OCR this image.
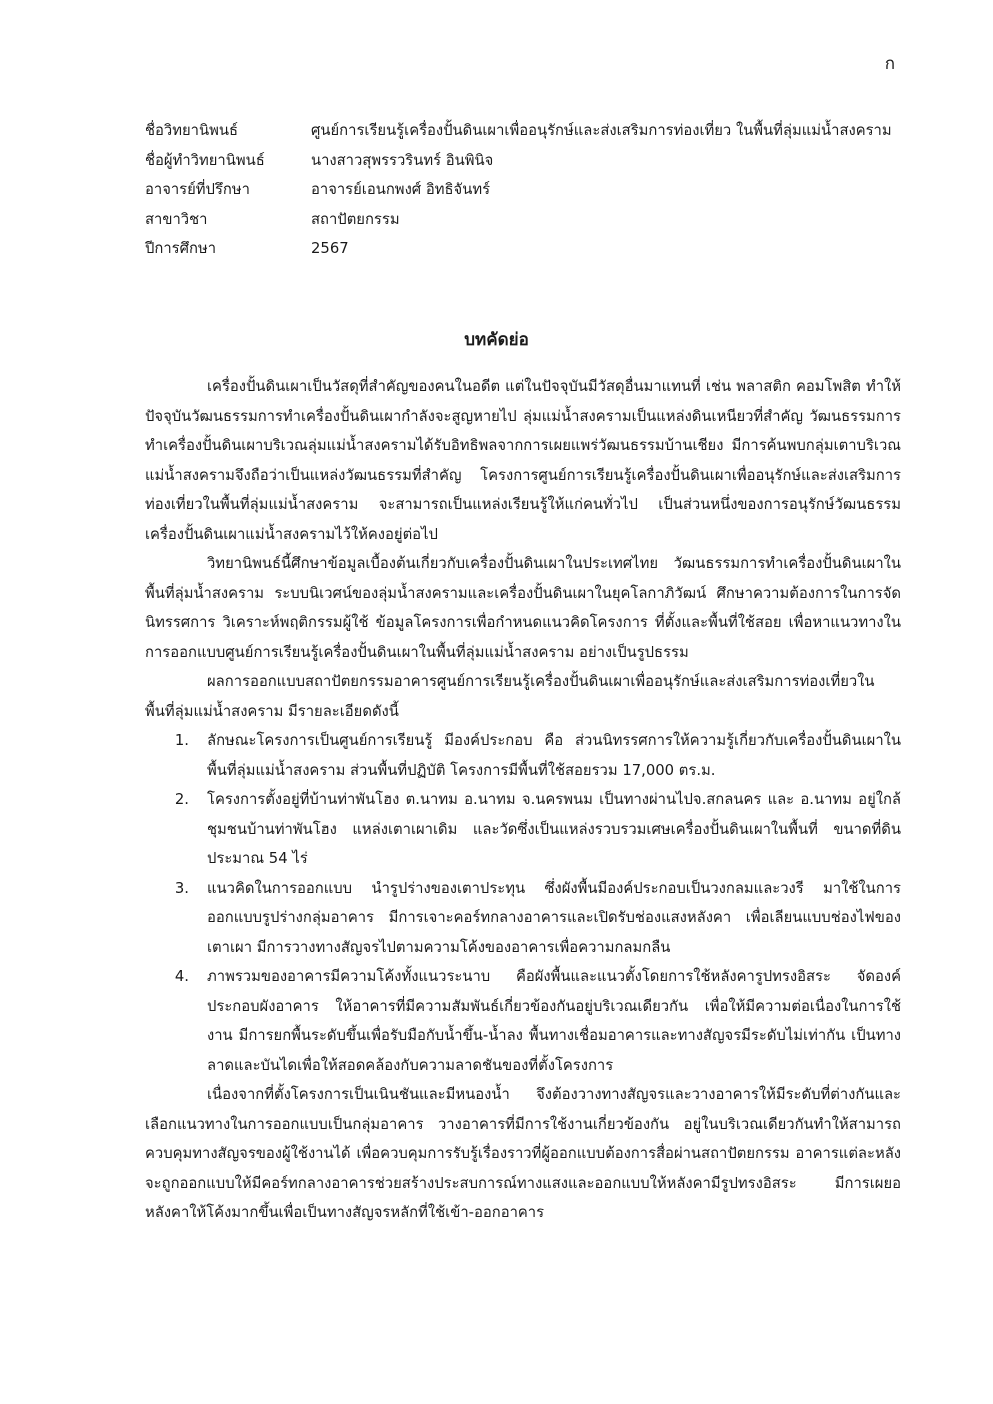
ก
ชื่อวิทยานิพนธ์	ศูนย์การเรียนรู้เครื่องปั้นดินเผาเพื่ออนุรักษ์และส่งเสริมการท่องเที่ยว ในพื้นที่ลุ่มแม่น้ำสงคราม
ชื่อผู้ทำวิทยานิพนธ์	นางสาวสุพรรวรินทร์ อินพินิจ
อาจารย์ที่ปรึกษา	อาจารย์เอนกพงศ์ อิทธิจันทร์
สาขาวิชา	สถาปัตยกรรม
ปีการศึกษา	2567
บทคัดย่อ

เครื่องปั้นดินเผาเป็นวัสดุที่สำคัญของคนในอดีต แต่ในปัจจุบันมีวัสดุอื่นมาแทนที่ เช่น พลาสติก คอมโพสิต ทำให้ปัจจุบันวัฒนธรรมการทำเครื่องปั้นดินเผากำลังจะสูญหายไป ลุ่มแม่น้ำสงครามเป็นแหล่งดินเหนียวที่สำคัญ วัฒนธรรมการทำเครื่องปั้นดินเผาบริเวณลุ่มแม่น้ำสงครามได้รับอิทธิพลจากการเผยแพร่วัฒนธรรมบ้านเชียง มีการค้นพบกลุ่มเตาบริเวณแม่น้ำสงครามจึงถือว่าเป็นแหล่งวัฒนธรรมที่สำคัญ โครงการศูนย์การเรียนรู้เครื่องปั้นดินเผาเพื่ออนุรักษ์และส่งเสริมการท่องเที่ยวในพื้นที่ลุ่มแม่น้ำสงคราม จะสามารถเป็นแหล่งเรียนรู้ให้แก่คนทั่วไป เป็นส่วนหนึ่งของการอนุรักษ์วัฒนธรรมเครื่องปั้นดินเผาแม่น้ำสงครามไว้ให้คงอยู่ต่อไป

วิทยานิพนธ์นี้ศึกษาข้อมูลเบื้องต้นเกี่ยวกับเครื่องปั้นดินเผาในประเทศไทย วัฒนธรรมการทำเครื่องปั้นดินเผาในพื้นที่ลุ่มน้ำสงคราม ระบบนิเวศน์ของลุ่มน้ำสงครามและเครื่องปั้นดินเผาในยุคโลกาภิวัฒน์ ศึกษาความต้องการในการจัดนิทรรศการ วิเคราะห์พฤติกรรมผู้ใช้ ข้อมูลโครงการเพื่อกำหนดแนวคิดโครงการ ที่ตั้งและพื้นที่ใช้สอย เพื่อหาแนวทางในการออกแบบศูนย์การเรียนรู้เครื่องปั้นดินเผาในพื้นที่ลุ่มแม่น้ำสงคราม อย่างเป็นรูปธรรม

ผลการออกแบบสถาปัตยกรรมอาคารศูนย์การเรียนรู้เครื่องปั้นดินเผาเพื่ออนุรักษ์และส่งเสริมการท่องเที่ยวในพื้นที่ลุ่มแม่น้ำสงคราม มีรายละเอียดดังนี้

1.	ลักษณะโครงการเป็นศูนย์การเรียนรู้ มีองค์ประกอบ คือ ส่วนนิทรรศการให้ความรู้เกี่ยวกับเครื่องปั้นดินเผาในพื้นที่ลุ่มแม่น้ำสงคราม ส่วนพื้นที่ปฏิบัติ โครงการมีพื้นที่ใช้สอยรวม 17,000 ตร.ม.
2.	โครงการตั้งอยู่ที่บ้านท่าพันโฮง ต.นาทม อ.นาทม จ.นครพนม เป็นทางผ่านไปจ.สกลนคร และ อ.นาทม อยู่ใกล้ชุมชนบ้านท่าพันโฮง แหล่งเตาเผาเดิม และวัดซึ่งเป็นแหล่งรวบรวมเศษเครื่องปั้นดินเผาในพื้นที่ ขนาดที่ดินประมาณ 54 ไร่
3.	แนวคิดในการออกแบบ นำรูปร่างของเตาประทุน ซึ่งผังพื้นมีองค์ประกอบเป็นวงกลมและวงรี มาใช้ในการออกแบบรูปร่างกลุ่มอาคาร มีการเจาะคอร์ทกลางอาคารและเปิดรับช่องแสงหลังคา เพื่อเลียนแบบช่องไฟของเตาเผา มีการวางทางสัญจรไปตามความโค้งของอาคารเพื่อความกลมกลืน
4.	ภาพรวมของอาคารมีความโค้งทั้งแนวระนาบ คือผังพื้นและแนวตั้งโดยการใช้หลังคารูปทรงอิสระ จัดองค์ประกอบผังอาคาร ให้อาคารที่มีความสัมพันธ์เกี่ยวข้องกันอยู่บริเวณเดียวกัน เพื่อให้มีความต่อเนื่องในการใช้งาน มีการยกพื้นระดับขึ้นเพื่อรับมือกับน้ำขึ้น-น้ำลง พื้นทางเชื่อมอาคารและทางสัญจรมีระดับไม่เท่ากัน เป็นทางลาดและบันไดเพื่อให้สอดคล้องกับความลาดชันของที่ตั้งโครงการ

เนื่องจากที่ตั้งโครงการเป็นเนินชันและมีหนองน้ำ จึงต้องวางทางสัญจรและวางอาคารให้มีระดับที่ต่างกันและเลือกแนวทางในการออกแบบเป็นกลุ่มอาคาร วางอาคารที่มีการใช้งานเกี่ยวข้องกัน อยู่ในบริเวณเดียวกันทำให้สามารถควบคุมทางสัญจรของผู้ใช้งานได้ เพื่อควบคุมการรับรู้เรื่องราวที่ผู้ออกแบบต้องการสื่อผ่านสถาปัตยกรรม อาคารแต่ละหลังจะถูกออกแบบให้มีคอร์ทกลางอาคารช่วยสร้างประสบการณ์ทางแสงและออกแบบให้หลังคามีรูปทรงอิสระ มีการเผยอหลังคาให้โค้งมากขึ้นเพื่อเป็นทางสัญจรหลักที่ใช้เข้า-ออกอาคาร
